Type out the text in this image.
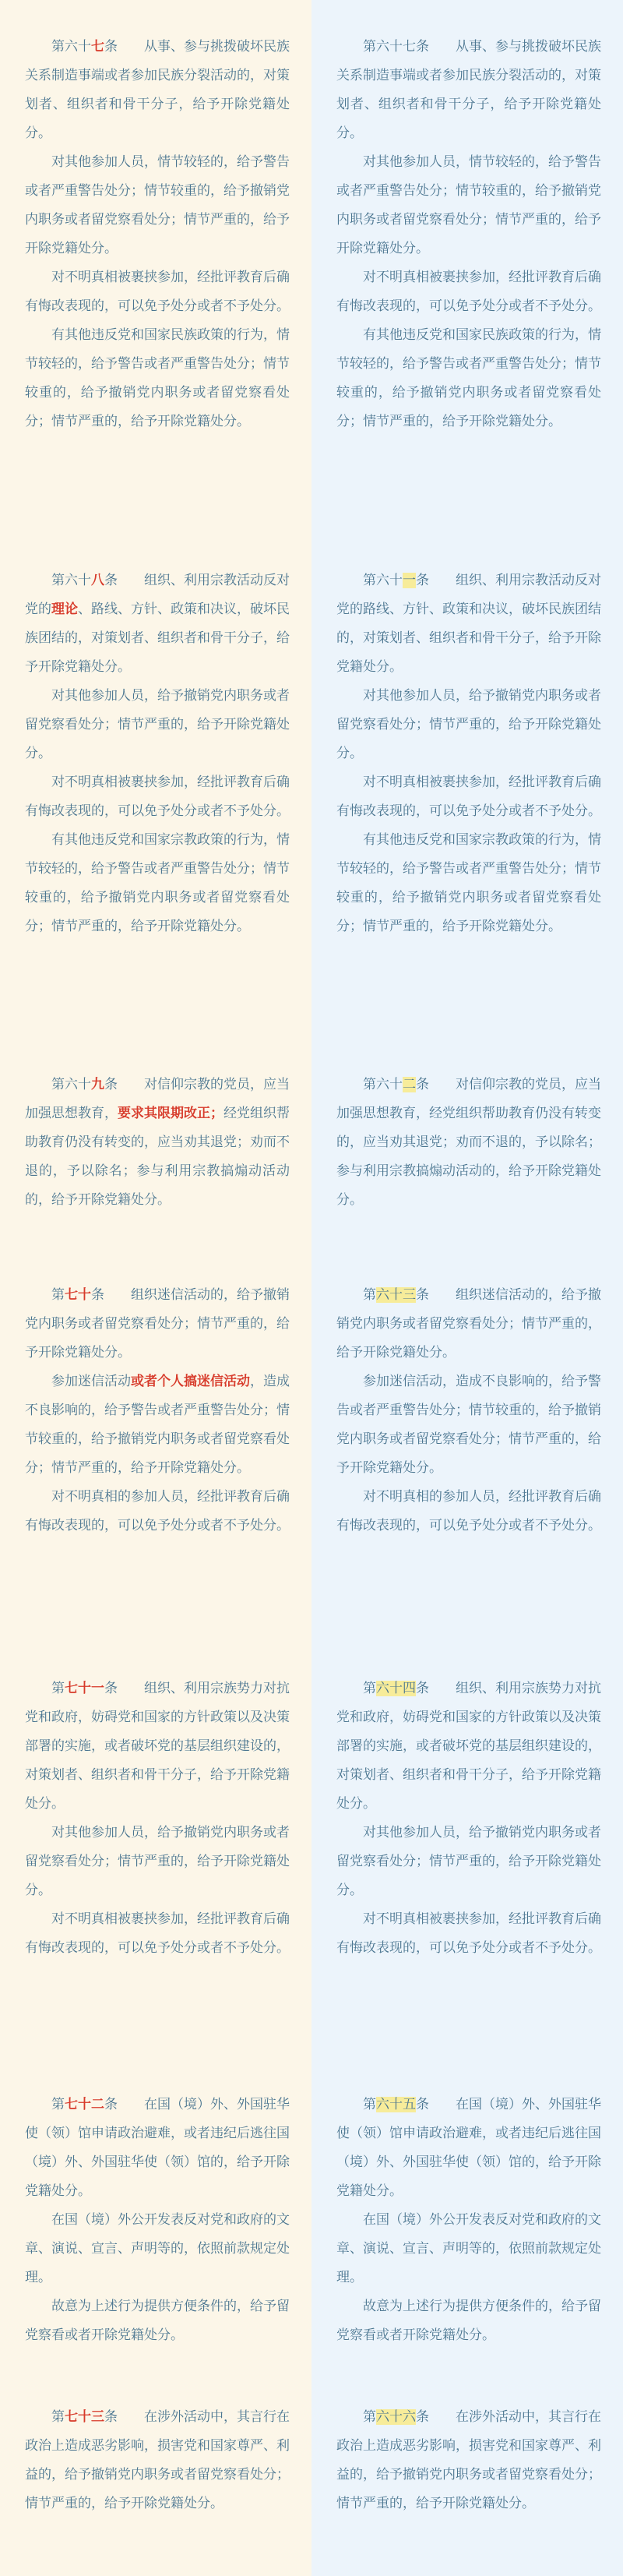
第六十七条　　从事、参与挑拨破坏民族关系制造事端或者参加民族分裂活动的，对策划者、组织者和骨干分子，给予开除党籍处分。

对其他参加人员，情节较轻的，给予警告或者严重警告处分；情节较重的，给予撤销党内职务或者留党察看处分；情节严重的，给予开除党籍处分。

对不明真相被裹挟参加，经批评教育后确有悔改表现的，可以免予处分或者不予处分。

有其他违反党和国家民族政策的行为，情节较轻的，给予警告或者严重警告处分；情节较重的，给予撤销党内职务或者留党察看处分；情节严重的，给予开除党籍处分。

第六十八条　　组织、利用宗教活动反对党的理论、路线、方针、政策和决议，破坏民族团结的，对策划者、组织者和骨干分子，给予开除党籍处分。

对其他参加人员，给予撤销党内职务或者留党察看处分；情节严重的，给予开除党籍处分。

对不明真相被裹挟参加，经批评教育后确有悔改表现的，可以免予处分或者不予处分。

有其他违反党和国家宗教政策的行为，情节较轻的，给予警告或者严重警告处分；情节较重的，给予撤销党内职务或者留党察看处分；情节严重的，给予开除党籍处分。

第六十九条　　对信仰宗教的党员，应当加强思想教育，要求其限期改正；经党组织帮助教育仍没有转变的，应当劝其退党；劝而不退的，予以除名；参与利用宗教搞煽动活动的，给予开除党籍处分。

第七十条　　组织迷信活动的，给予撤销党内职务或者留党察看处分；情节严重的，给予开除党籍处分。

参加迷信活动或者个人搞迷信活动，造成不良影响的，给予警告或者严重警告处分；情节较重的，给予撤销党内职务或者留党察看处分；情节严重的，给予开除党籍处分。

对不明真相的参加人员，经批评教育后确有悔改表现的，可以免予处分或者不予处分。

第七十一条　　组织、利用宗族势力对抗党和政府，妨碍党和国家的方针政策以及决策部署的实施，或者破坏党的基层组织建设的，对策划者、组织者和骨干分子，给予开除党籍处分。

对其他参加人员，给予撤销党内职务或者留党察看处分；情节严重的，给予开除党籍处分。

对不明真相被裹挟参加，经批评教育后确有悔改表现的，可以免予处分或者不予处分。

第七十二条　　在国（境）外、外国驻华使（领）馆申请政治避难，或者违纪后逃往国（境）外、外国驻华使（领）馆的，给予开除党籍处分。

在国（境）外公开发表反对党和政府的文章、演说、宣言、声明等的，依照前款规定处理。

故意为上述行为提供方便条件的，给予留党察看或者开除党籍处分。

第七十三条　　在涉外活动中，其言行在政治上造成恶劣影响，损害党和国家尊严、利益的，给予撤销党内职务或者留党察看处分；情节严重的，给予开除党籍处分。

第六十七条　　从事、参与挑拨破坏民族关系制造事端或者参加民族分裂活动的，对策划者、组织者和骨干分子，给予开除党籍处分。

对其他参加人员，情节较轻的，给予警告或者严重警告处分；情节较重的，给予撤销党内职务或者留党察看处分；情节严重的，给予开除党籍处分。

对不明真相被裹挟参加，经批评教育后确有悔改表现的，可以免予处分或者不予处分。

有其他违反党和国家民族政策的行为，情节较轻的，给予警告或者严重警告处分；情节较重的，给予撤销党内职务或者留党察看处分；情节严重的，给予开除党籍处分。

第六十一条　　组织、利用宗教活动反对党的路线、方针、政策和决议，破坏民族团结的，对策划者、组织者和骨干分子，给予开除党籍处分。

对其他参加人员，给予撤销党内职务或者留党察看处分；情节严重的，给予开除党籍处分。

对不明真相被裹挟参加，经批评教育后确有悔改表现的，可以免予处分或者不予处分。

有其他违反党和国家宗教政策的行为，情节较轻的，给予警告或者严重警告处分；情节较重的，给予撤销党内职务或者留党察看处分；情节严重的，给予开除党籍处分。

第六十二条　　对信仰宗教的党员，应当加强思想教育，经党组织帮助教育仍没有转变的，应当劝其退党；劝而不退的，予以除名；参与利用宗教搞煽动活动的，给予开除党籍处分。

第六十三条　　组织迷信活动的，给予撤销党内职务或者留党察看处分；情节严重的，给予开除党籍处分。

参加迷信活动，造成不良影响的，给予警告或者严重警告处分；情节较重的，给予撤销党内职务或者留党察看处分；情节严重的，给予开除党籍处分。

对不明真相的参加人员，经批评教育后确有悔改表现的，可以免予处分或者不予处分。

第六十四条　　组织、利用宗族势力对抗党和政府，妨碍党和国家的方针政策以及决策部署的实施，或者破坏党的基层组织建设的，对策划者、组织者和骨干分子，给予开除党籍处分。

对其他参加人员，给予撤销党内职务或者留党察看处分；情节严重的，给予开除党籍处分。

对不明真相被裹挟参加，经批评教育后确有悔改表现的，可以免予处分或者不予处分。

第六十五条　　在国（境）外、外国驻华使（领）馆申请政治避难，或者违纪后逃往国（境）外、外国驻华使（领）馆的，给予开除党籍处分。

在国（境）外公开发表反对党和政府的文章、演说、宣言、声明等的，依照前款规定处理。

故意为上述行为提供方便条件的，给予留党察看或者开除党籍处分。

第六十六条　　在涉外活动中，其言行在政治上造成恶劣影响，损害党和国家尊严、利益的，给予撤销党内职务或者留党察看处分；情节严重的，给予开除党籍处分。
